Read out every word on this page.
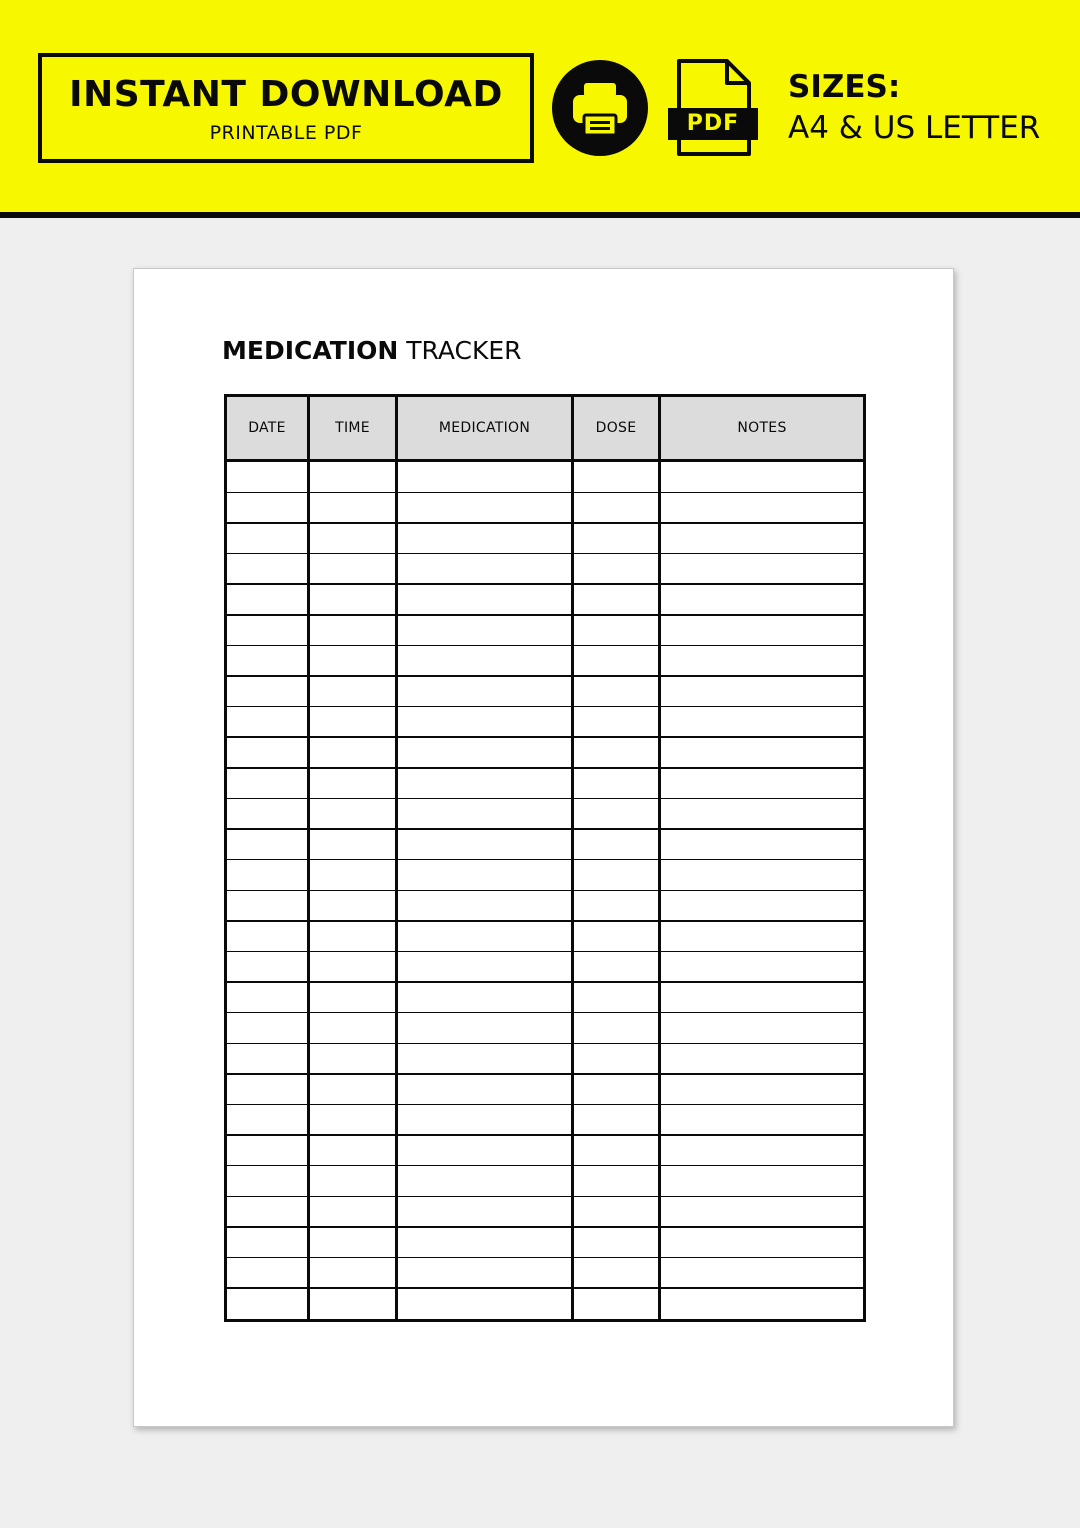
INSTANT DOWNLOAD
PRINTABLE PDF	PDF
SIZES:
A4 & US LETTER
MEDICATION TRACKER
DATE	TIME	MEDICATION	DOSE	NOTES
